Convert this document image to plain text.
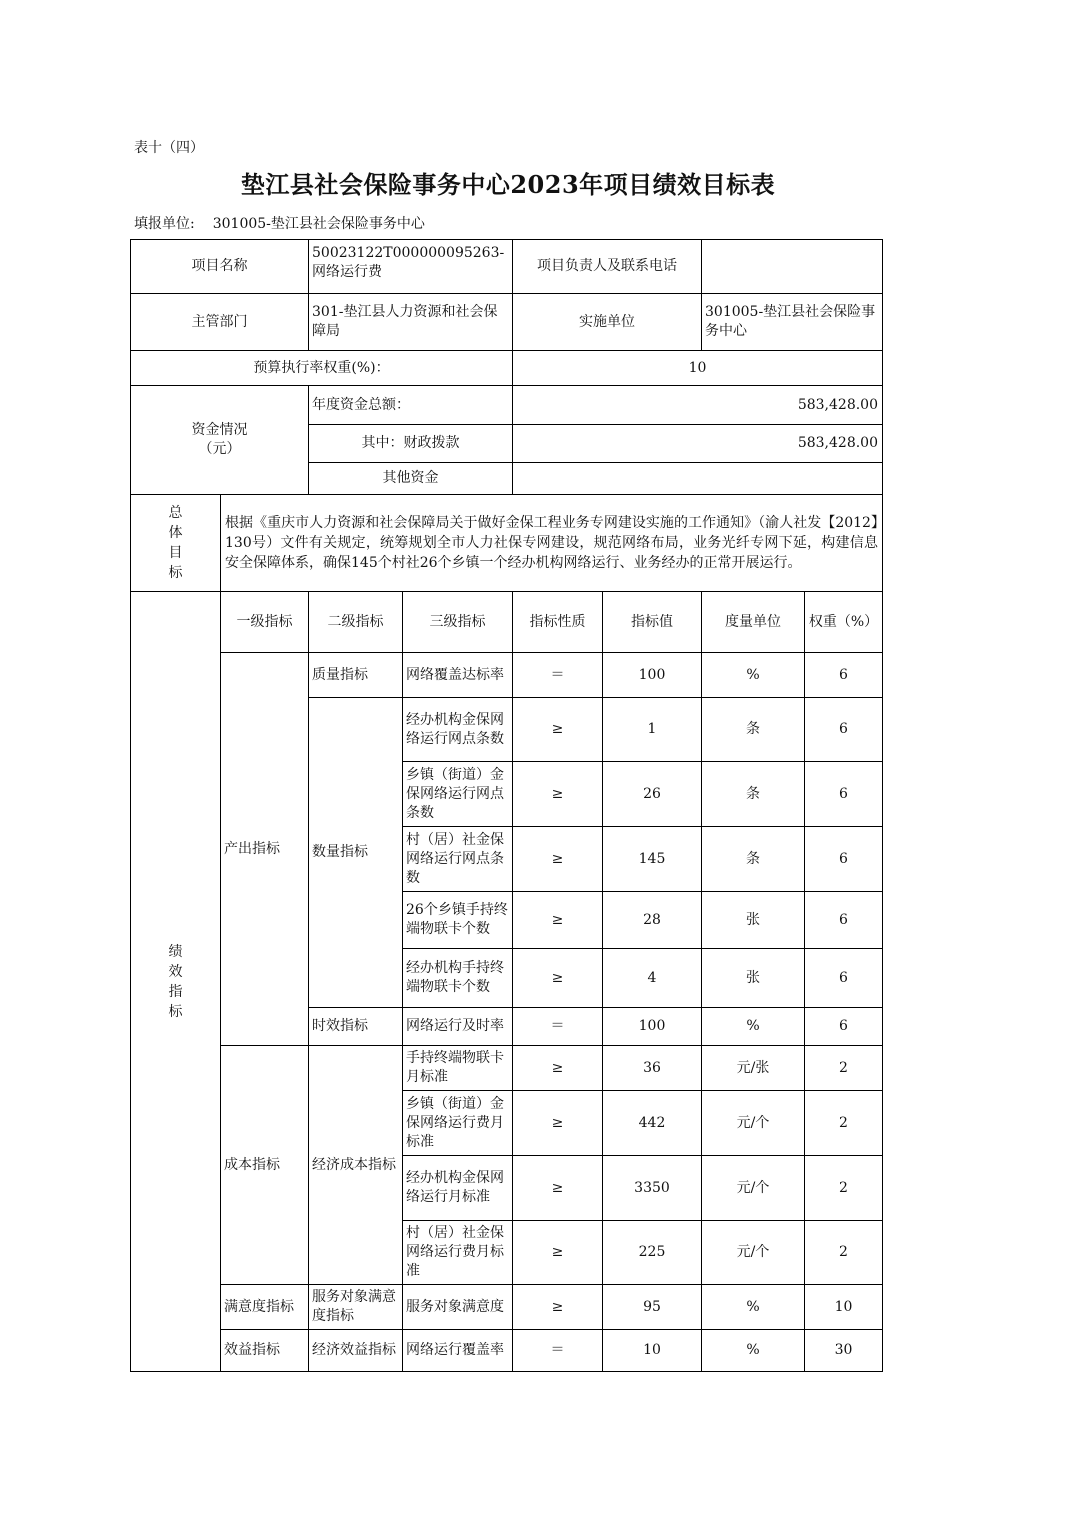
表十（四）
垫江县社会保险事务中心2023年项目绩效目标表
填报单位: 301005-垫江县社会保险事务中心
项目名称		50023122T000000095263-网络运行费		项目负责人及联系电话			
主管部门		301-垫江县人力资源和社会保障局		实施单位		301005-垫江县社会保险事务中心	
预算执行率权重(%)：				10			

资金情况
（元）		年度资金总额：		583,428.00			
		其中：财政拨款		583,428.00			
		其他资金					

总
体
目
标	根据《重庆市人力资源和社会保障局关于做好金保工程业务专网建设实施的工作通知》（渝人社发【2012】130号）文件有关规定，统筹规划全市人力社保专网建设，规范网络布局，业务光纤专网下延，构建信息安全保障体系，确保145个村社26个乡镇一个经办机构网络运行、业务经办的正常开展运行。						

绩
效
指
标	一级指标	二级指标	三级指标	指标性质	指标值	度量单位	权重（%）
	产出指标	质量指标	网络覆盖达标率	＝	100	%	6
		数量指标	经办机构金保网络运行网点条数	≥	1	条	6
			乡镇（街道）金保网络运行网点条数	≥	26	条	6
			村（居）社金保网络运行网点条数	≥	145	条	6
			26个乡镇手持终端物联卡个数	≥	28	张	6
			经办机构手持终端物联卡个数	≥	4	张	6
		时效指标	网络运行及时率	＝	100	%	6
	成本指标	经济成本指标	手持终端物联卡月标准	≥	36	元/张	2
			乡镇（街道）金保网络运行费月标准	≥	442	元/个	2
			经办机构金保网络运行月标准	≥	3350	元/个	2
			村（居）社金保网络运行费月标准	≥	225	元/个	2
	满意度指标	服务对象满意度指标	服务对象满意度	≥	95	%	10
	效益指标	经济效益指标	网络运行覆盖率	＝	10	%	30
